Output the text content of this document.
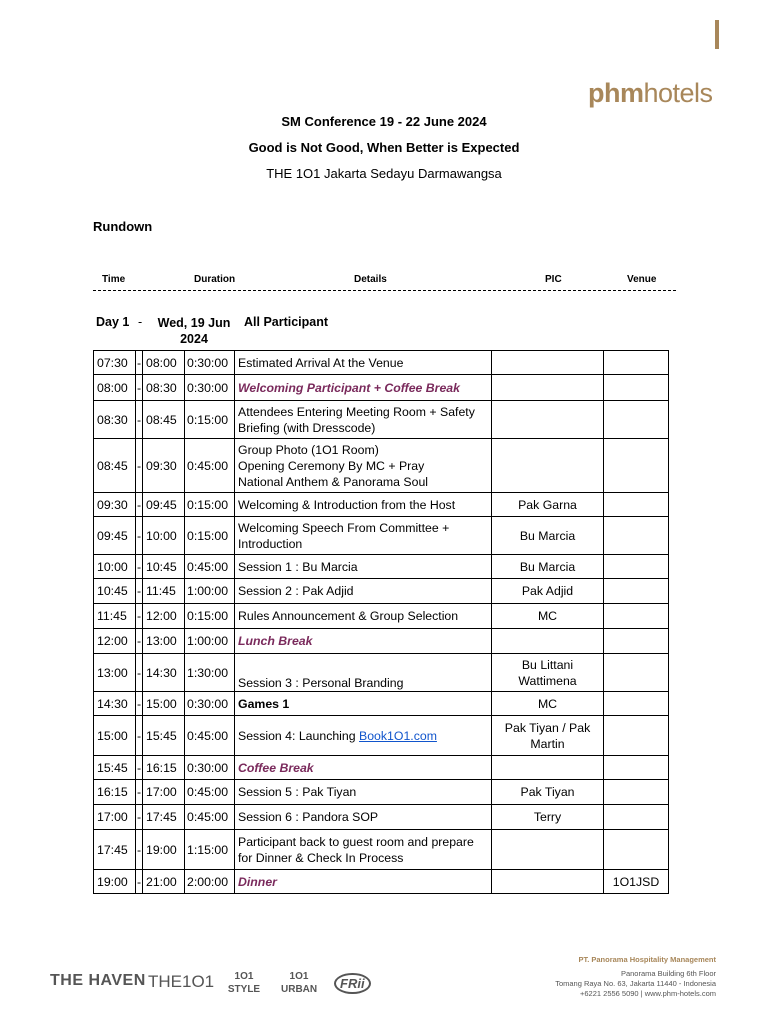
phmhotels
SM Conference 19 - 22 June 2024
Good is Not Good, When Better is Expected
THE 1O1 Jakarta Sedayu Darmawangsa
Rundown
Time	Duration	Details	PIC	Venue
Day 1 -	Wed, 19 Jun 2024
All Participant
07:30	-	08:00	0:30:00	Estimated Arrival At the Venue		
08:00	-	08:30	0:30:00	Welcoming Participant + Coffee Break		
08:30	-	08:45	0:15:00	Attendees Entering Meeting Room + Safety Briefing (with Dresscode)		
08:45	-	09:30	0:45:00	Group Photo (1O1 Room)
Opening Ceremony By MC + Pray
National Anthem & Panorama Soul		

09:30	-	09:45	0:15:00	Welcoming & Introduction from the Host	Pak Garna	
09:45	-	10:00	0:15:00	Welcoming Speech From Committee + Introduction	Bu Marcia	
10:00	-	10:45	0:45:00	Session 1 : Bu Marcia	Bu Marcia	
10:45	-	11:45	1:00:00	Session 2 : Pak Adjid	Pak Adjid	
11:45	-	12:00	0:15:00	Rules Announcement & Group Selection	MC	
12:00	-	13:00	1:00:00	Lunch Break		
13:00	-	14:30	1:30:00	Session 3 : Personal Branding	Bu Littani Wattimena	
14:30	-	15:00	0:30:00	Games 1	MC	
15:00	-	15:45	0:45:00	Session 4: Launching Book1O1.com	Pak Tiyan / Pak Martin	
15:45	-	16:15	0:30:00	Coffee Break		
16:15	-	17:00	0:45:00	Session 5 : Pak Tiyan	Pak Tiyan	
17:00	-	17:45	0:45:00	Session 6 : Pandora SOP	Terry	
17:45	-	19:00	1:15:00	Participant back to guest room and prepare for Dinner & Check In Process		
19:00	-	21:00	2:00:00	Dinner		1O1JSD
THE HAVEN THE1O1	1O1 STYLE
1O1 URBAN	FRii
PT. Panorama Hospitality Management
Panorama Building 6th Floor
Tomang Raya No. 63, Jakarta 11440 - Indonesia
+6221 2556 5090 | www.phm-hotels.com
